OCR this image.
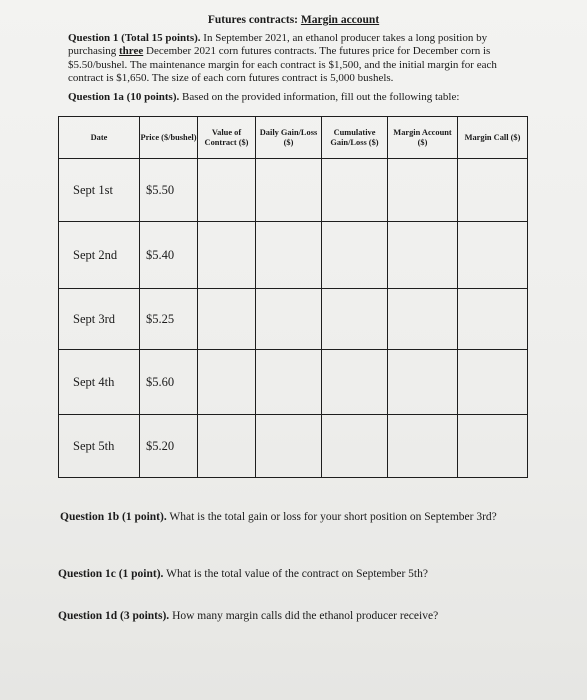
Futures contracts: Margin account
Question 1 (Total 15 points). In September 2021, an ethanol producer takes a long position by purchasing three December 2021 corn futures contracts. The futures price for December corn is $5.50/bushel. The maintenance margin for each contract is $1,500, and the initial margin for each contract is $1,650. The size of each corn futures contract is 5,000 bushels.
Question 1a (10 points). Based on the provided information, fill out the following table:
Date	Price ($/bushel)	Value of Contract ($)	Daily Gain/Loss ($)	Cumulative Gain/Loss ($)	Margin Account ($)	Margin Call ($)
Sept 1st	$5.50					
Sept 2nd	$5.40					
Sept 3rd	$5.25					
Sept 4th	$5.60					
Sept 5th	$5.20					
Question 1b (1 point). What is the total gain or loss for your short position on September 3rd?
Question 1c (1 point). What is the total value of the contract on September 5th?
Question 1d (3 points). How many margin calls did the ethanol producer receive?
